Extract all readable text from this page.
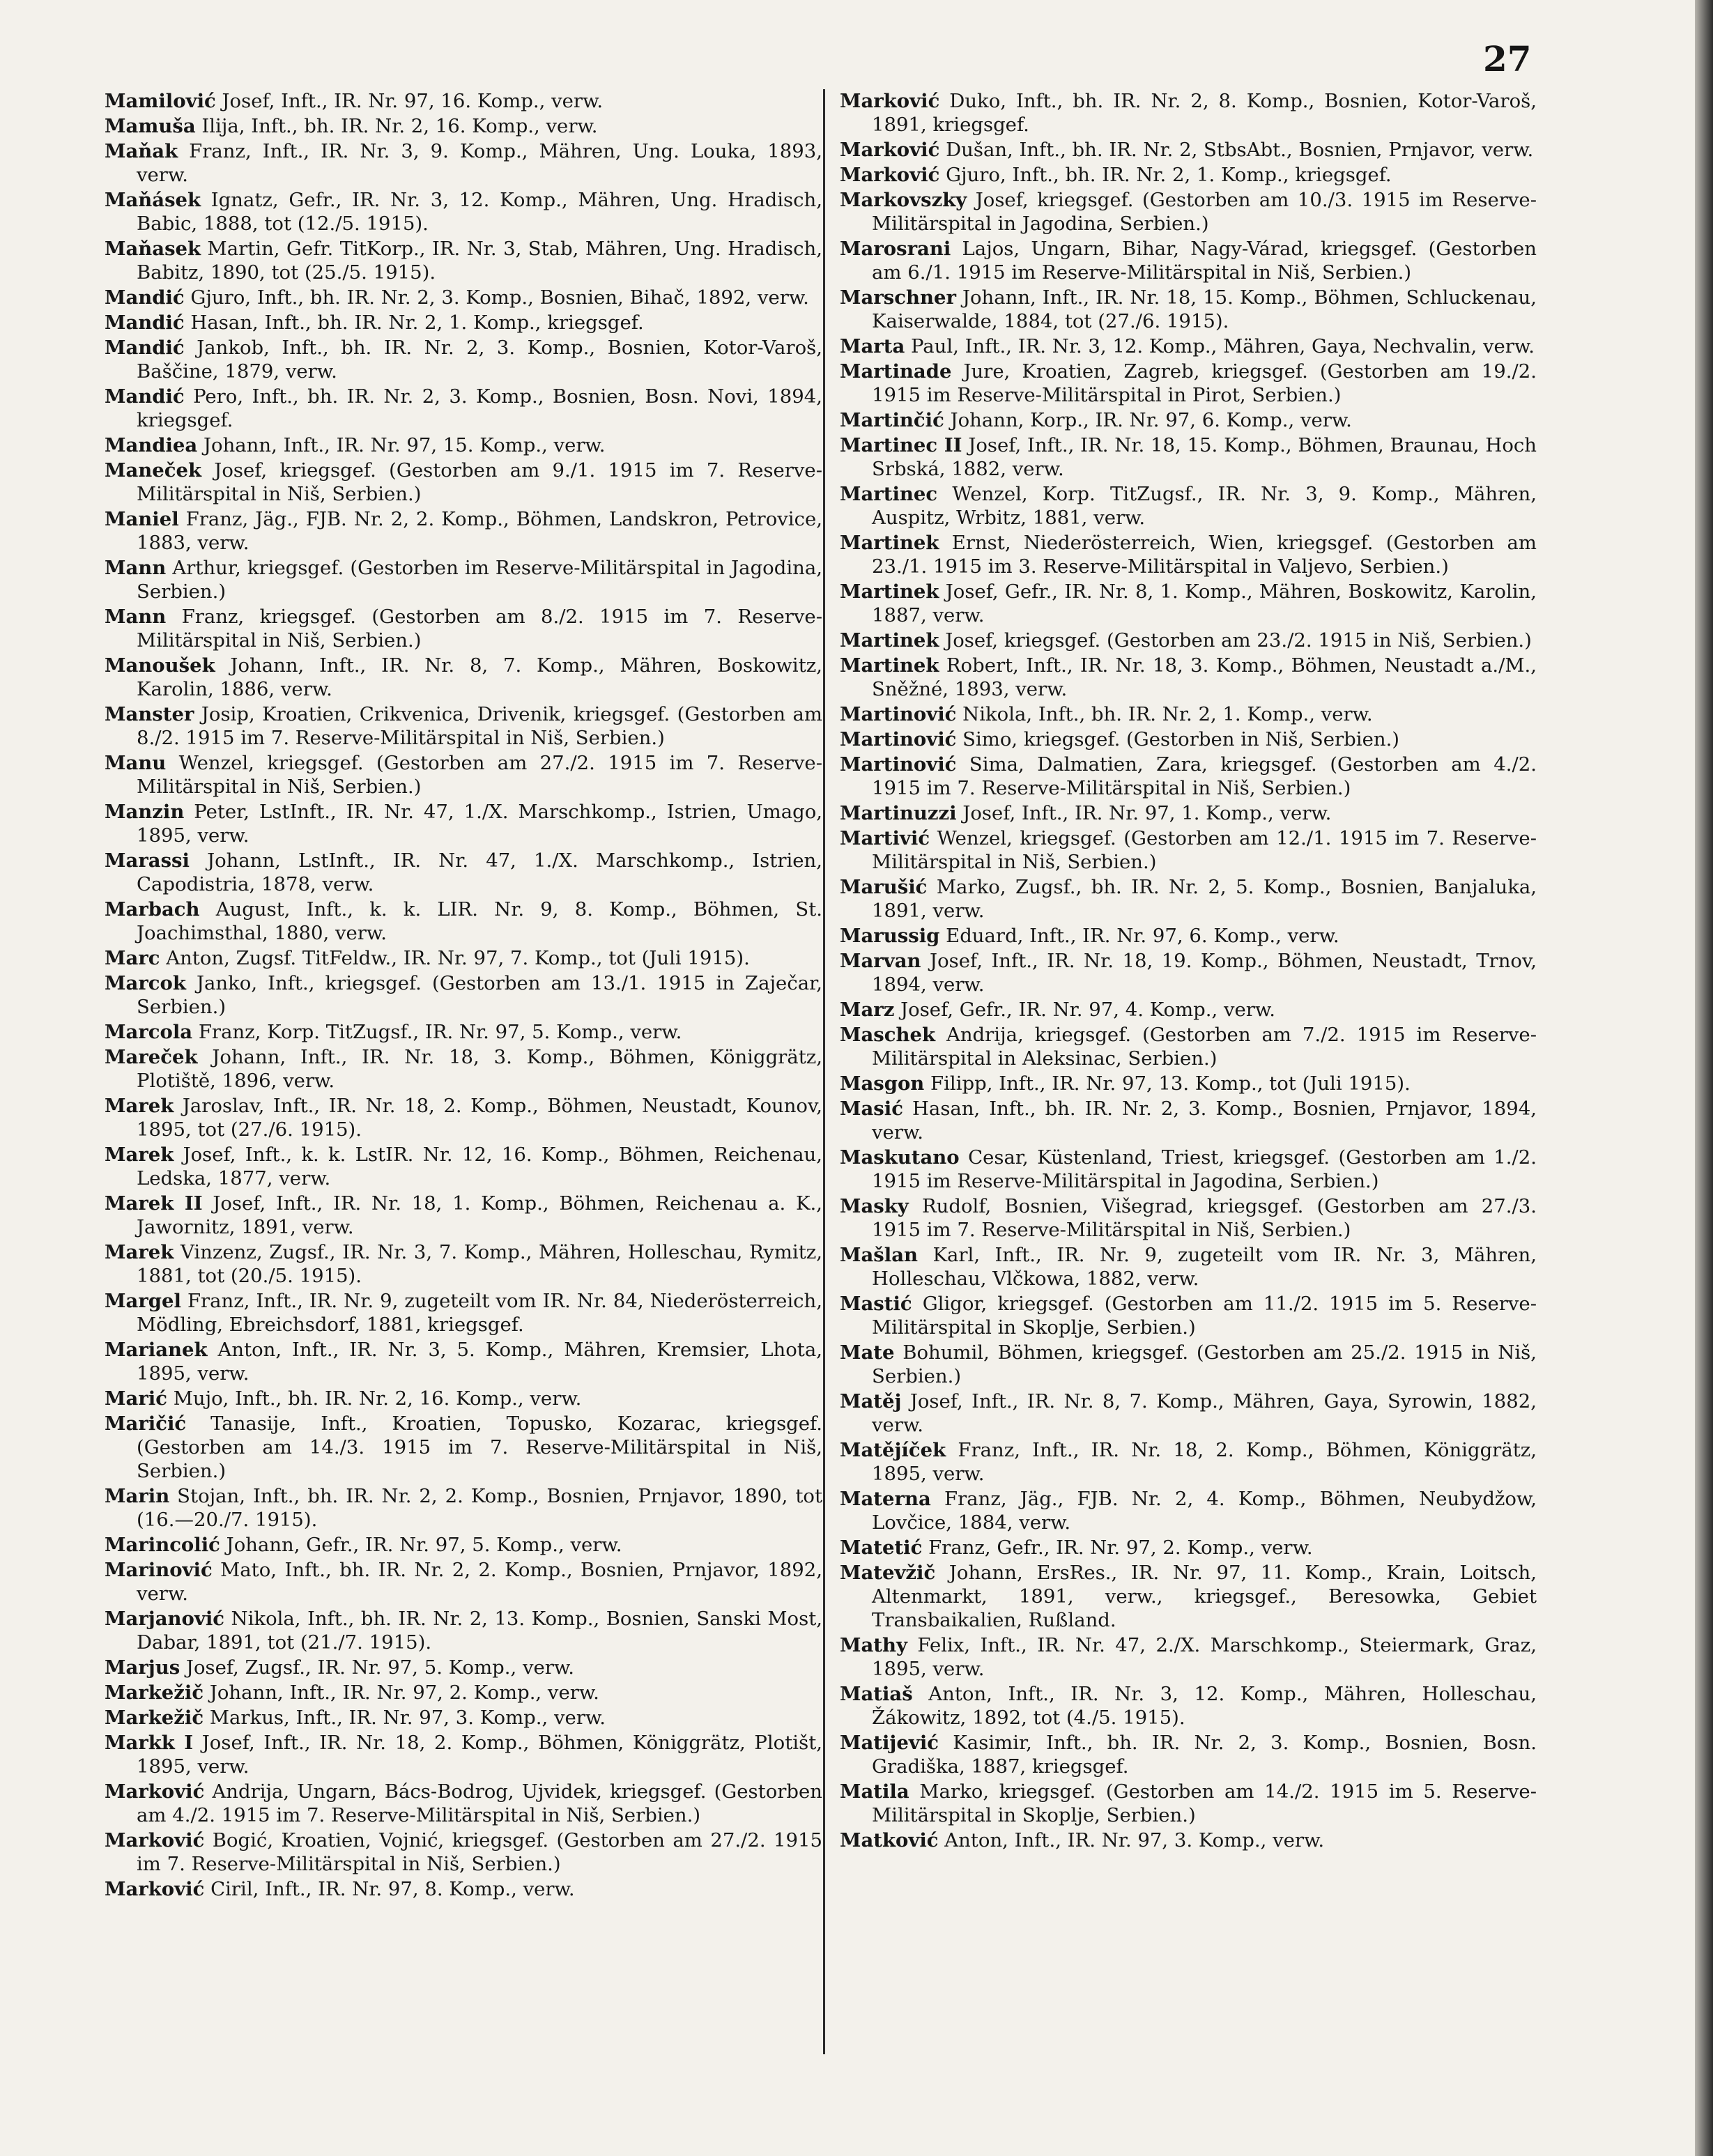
27

Mamilović Josef, Inft., IR. Nr. 97, 16. Komp., verw.

Mamuša Ilija, Inft., bh. IR. Nr. 2, 16. Komp., verw.

Maňak Franz, Inft., IR. Nr. 3, 9. Komp., Mähren, Ung. Louka, 1893, verw.

Maňásek Ignatz, Gefr., IR. Nr. 3, 12. Komp., Mähren, Ung. Hradisch, Babic, 1888, tot (12./5. 1915).

Maňasek Martin, Gefr. TitKorp., IR. Nr. 3, Stab, Mähren, Ung. Hradisch, Babitz, 1890, tot (25./5. 1915).

Mandić Gjuro, Inft., bh. IR. Nr. 2, 3. Komp., Bosnien, Bihač, 1892, verw.

Mandić Hasan, Inft., bh. IR. Nr. 2, 1. Komp., kriegsgef.

Mandić Jankob, Inft., bh. IR. Nr. 2, 3. Komp., Bosnien, Kotor-Varoš, Baščine, 1879, verw.

Mandić Pero, Inft., bh. IR. Nr. 2, 3. Komp., Bosnien, Bosn. Novi, 1894, kriegsgef.

Mandiea Johann, Inft., IR. Nr. 97, 15. Komp., verw.

Maneček Josef, kriegsgef. (Gestorben am 9./1. 1915 im 7. Reserve-Militärspital in Niš, Serbien.)

Maniel Franz, Jäg., FJB. Nr. 2, 2. Komp., Böhmen, Landskron, Petrovice, 1883, verw.

Mann Arthur, kriegsgef. (Gestorben im Reserve-Militärspital in Jagodina, Serbien.)

Mann Franz, kriegsgef. (Gestorben am 8./2. 1915 im 7. Reserve-Militärspital in Niš, Serbien.)

Manoušek Johann, Inft., IR. Nr. 8, 7. Komp., Mähren, Boskowitz, Karolin, 1886, verw.

Manster Josip, Kroatien, Crikvenica, Drivenik, kriegsgef. (Gestorben am 8./2. 1915 im 7. Reserve-Militärspital in Niš, Serbien.)

Manu Wenzel, kriegsgef. (Gestorben am 27./2. 1915 im 7. Reserve-Militärspital in Niš, Serbien.)

Manzin Peter, LstInft., IR. Nr. 47, 1./X. Marschkomp., Istrien, Umago, 1895, verw.

Marassi Johann, LstInft., IR. Nr. 47, 1./X. Marschkomp., Istrien, Capodistria, 1878, verw.

Marbach August, Inft., k. k. LIR. Nr. 9, 8. Komp., Böhmen, St. Joachimsthal, 1880, verw.

Marc Anton, Zugsf. TitFeldw., IR. Nr. 97, 7. Komp., tot (Juli 1915).

Marcok Janko, Inft., kriegsgef. (Gestorben am 13./1. 1915 in Zaječar, Serbien.)

Marcola Franz, Korp. TitZugsf., IR. Nr. 97, 5. Komp., verw.

Mareček Johann, Inft., IR. Nr. 18, 3. Komp., Böhmen, Königgrätz, Plotiště, 1896, verw.

Marek Jaroslav, Inft., IR. Nr. 18, 2. Komp., Böhmen, Neustadt, Kounov, 1895, tot (27./6. 1915).

Marek Josef, Inft., k. k. LstIR. Nr. 12, 16. Komp., Böhmen, Reichenau, Ledska, 1877, verw.

Marek II Josef, Inft., IR. Nr. 18, 1. Komp., Böhmen, Reichenau a. K., Jawornitz, 1891, verw.

Marek Vinzenz, Zugsf., IR. Nr. 3, 7. Komp., Mähren, Holleschau, Rymitz, 1881, tot (20./5. 1915).

Margel Franz, Inft., IR. Nr. 9, zugeteilt vom IR. Nr. 84, Niederösterreich, Mödling, Ebreichsdorf, 1881, kriegsgef.

Marianek Anton, Inft., IR. Nr. 3, 5. Komp., Mähren, Kremsier, Lhota, 1895, verw.

Marić Mujo, Inft., bh. IR. Nr. 2, 16. Komp., verw.

Maričić Tanasije, Inft., Kroatien, Topusko, Kozarac, kriegsgef. (Gestorben am 14./3. 1915 im 7. Reserve-Militärspital in Niš, Serbien.)

Marin Stojan, Inft., bh. IR. Nr. 2, 2. Komp., Bosnien, Prnjavor, 1890, tot (16.—20./7. 1915).

Marincolić Johann, Gefr., IR. Nr. 97, 5. Komp., verw.

Marinović Mato, Inft., bh. IR. Nr. 2, 2. Komp., Bosnien, Prnjavor, 1892, verw.

Marjanović Nikola, Inft., bh. IR. Nr. 2, 13. Komp., Bosnien, Sanski Most, Dabar, 1891, tot (21./7. 1915).

Marjus Josef, Zugsf., IR. Nr. 97, 5. Komp., verw.

Markežič Johann, Inft., IR. Nr. 97, 2. Komp., verw.

Markežič Markus, Inft., IR. Nr. 97, 3. Komp., verw.

Markk I Josef, Inft., IR. Nr. 18, 2. Komp., Böhmen, Königgrätz, Plotišt, 1895, verw.

Marković Andrija, Ungarn, Bács-Bodrog, Ujvidek, kriegsgef. (Gestorben am 4./2. 1915 im 7. Reserve-Militärspital in Niš, Serbien.)

Marković Bogić, Kroatien, Vojnić, kriegsgef. (Gestorben am 27./2. 1915 im 7. Reserve-Militärspital in Niš, Serbien.)

Marković Ciril, Inft., IR. Nr. 97, 8. Komp., verw.

Marković Duko, Inft., bh. IR. Nr. 2, 8. Komp., Bosnien, Kotor-Varoš, 1891, kriegsgef.

Marković Dušan, Inft., bh. IR. Nr. 2, StbsAbt., Bosnien, Prnjavor, verw.

Marković Gjuro, Inft., bh. IR. Nr. 2, 1. Komp., kriegsgef.

Markovszky Josef, kriegsgef. (Gestorben am 10./3. 1915 im Reserve-Militärspital in Jagodina, Serbien.)

Marosrani Lajos, Ungarn, Bihar, Nagy-Várad, kriegsgef. (Gestorben am 6./1. 1915 im Reserve-Militärspital in Niš, Serbien.)

Marschner Johann, Inft., IR. Nr. 18, 15. Komp., Böhmen, Schluckenau, Kaiserwalde, 1884, tot (27./6. 1915).

Marta Paul, Inft., IR. Nr. 3, 12. Komp., Mähren, Gaya, Nechvalin, verw.

Martinade Jure, Kroatien, Zagreb, kriegsgef. (Gestorben am 19./2. 1915 im Reserve-Militärspital in Pirot, Serbien.)

Martinčić Johann, Korp., IR. Nr. 97, 6. Komp., verw.

Martinec II Josef, Inft., IR. Nr. 18, 15. Komp., Böhmen, Braunau, Hoch Srbská, 1882, verw.

Martinec Wenzel, Korp. TitZugsf., IR. Nr. 3, 9. Komp., Mähren, Auspitz, Wrbitz, 1881, verw.

Martinek Ernst, Niederösterreich, Wien, kriegsgef. (Gestorben am 23./1. 1915 im 3. Reserve-Militärspital in Valjevo, Serbien.)

Martinek Josef, Gefr., IR. Nr. 8, 1. Komp., Mähren, Boskowitz, Karolin, 1887, verw.

Martinek Josef, kriegsgef. (Gestorben am 23./2. 1915 in Niš, Serbien.)

Martinek Robert, Inft., IR. Nr. 18, 3. Komp., Böhmen, Neustadt a./M., Sněžné, 1893, verw.

Martinović Nikola, Inft., bh. IR. Nr. 2, 1. Komp., verw.

Martinović Simo, kriegsgef. (Gestorben in Niš, Serbien.)

Martinović Sima, Dalmatien, Zara, kriegsgef. (Gestorben am 4./2. 1915 im 7. Reserve-Militärspital in Niš, Serbien.)

Martinuzzi Josef, Inft., IR. Nr. 97, 1. Komp., verw.

Martivić Wenzel, kriegsgef. (Gestorben am 12./1. 1915 im 7. Reserve-Militärspital in Niš, Serbien.)

Marušić Marko, Zugsf., bh. IR. Nr. 2, 5. Komp., Bosnien, Banjaluka, 1891, verw.

Marussig Eduard, Inft., IR. Nr. 97, 6. Komp., verw.

Marvan Josef, Inft., IR. Nr. 18, 19. Komp., Böhmen, Neustadt, Trnov, 1894, verw.

Marz Josef, Gefr., IR. Nr. 97, 4. Komp., verw.

Maschek Andrija, kriegsgef. (Gestorben am 7./2. 1915 im Reserve-Militärspital in Aleksinac, Serbien.)

Masgon Filipp, Inft., IR. Nr. 97, 13. Komp., tot (Juli 1915).

Masić Hasan, Inft., bh. IR. Nr. 2, 3. Komp., Bosnien, Prnjavor, 1894, verw.

Maskutano Cesar, Küstenland, Triest, kriegsgef. (Gestorben am 1./2. 1915 im Reserve-Militärspital in Jagodina, Serbien.)

Masky Rudolf, Bosnien, Višegrad, kriegsgef. (Gestorben am 27./3. 1915 im 7. Reserve-Militärspital in Niš, Serbien.)

Mašlan Karl, Inft., IR. Nr. 9, zugeteilt vom IR. Nr. 3, Mähren, Holleschau, Vlčkowa, 1882, verw.

Mastić Gligor, kriegsgef. (Gestorben am 11./2. 1915 im 5. Reserve-Militärspital in Skoplje, Serbien.)

Mate Bohumil, Böhmen, kriegsgef. (Gestorben am 25./2. 1915 in Niš, Serbien.)

Matěj Josef, Inft., IR. Nr. 8, 7. Komp., Mähren, Gaya, Syrowin, 1882, verw.

Matějíček Franz, Inft., IR. Nr. 18, 2. Komp., Böhmen, Königgrätz, 1895, verw.

Materna Franz, Jäg., FJB. Nr. 2, 4. Komp., Böhmen, Neubydžow, Lovčice, 1884, verw.

Matetić Franz, Gefr., IR. Nr. 97, 2. Komp., verw.

Matevžič Johann, ErsRes., IR. Nr. 97, 11. Komp., Krain, Loitsch, Altenmarkt, 1891, verw., kriegsgef., Beresowka, Gebiet Transbaikalien, Rußland.

Mathy Felix, Inft., IR. Nr. 47, 2./X. Marschkomp., Steiermark, Graz, 1895, verw.

Matiaš Anton, Inft., IR. Nr. 3, 12. Komp., Mähren, Holleschau, Žákowitz, 1892, tot (4./5. 1915).

Matijević Kasimir, Inft., bh. IR. Nr. 2, 3. Komp., Bosnien, Bosn. Gradiška, 1887, kriegsgef.

Matila Marko, kriegsgef. (Gestorben am 14./2. 1915 im 5. Reserve-Militärspital in Skoplje, Serbien.)

Matković Anton, Inft., IR. Nr. 97, 3. Komp., verw.
